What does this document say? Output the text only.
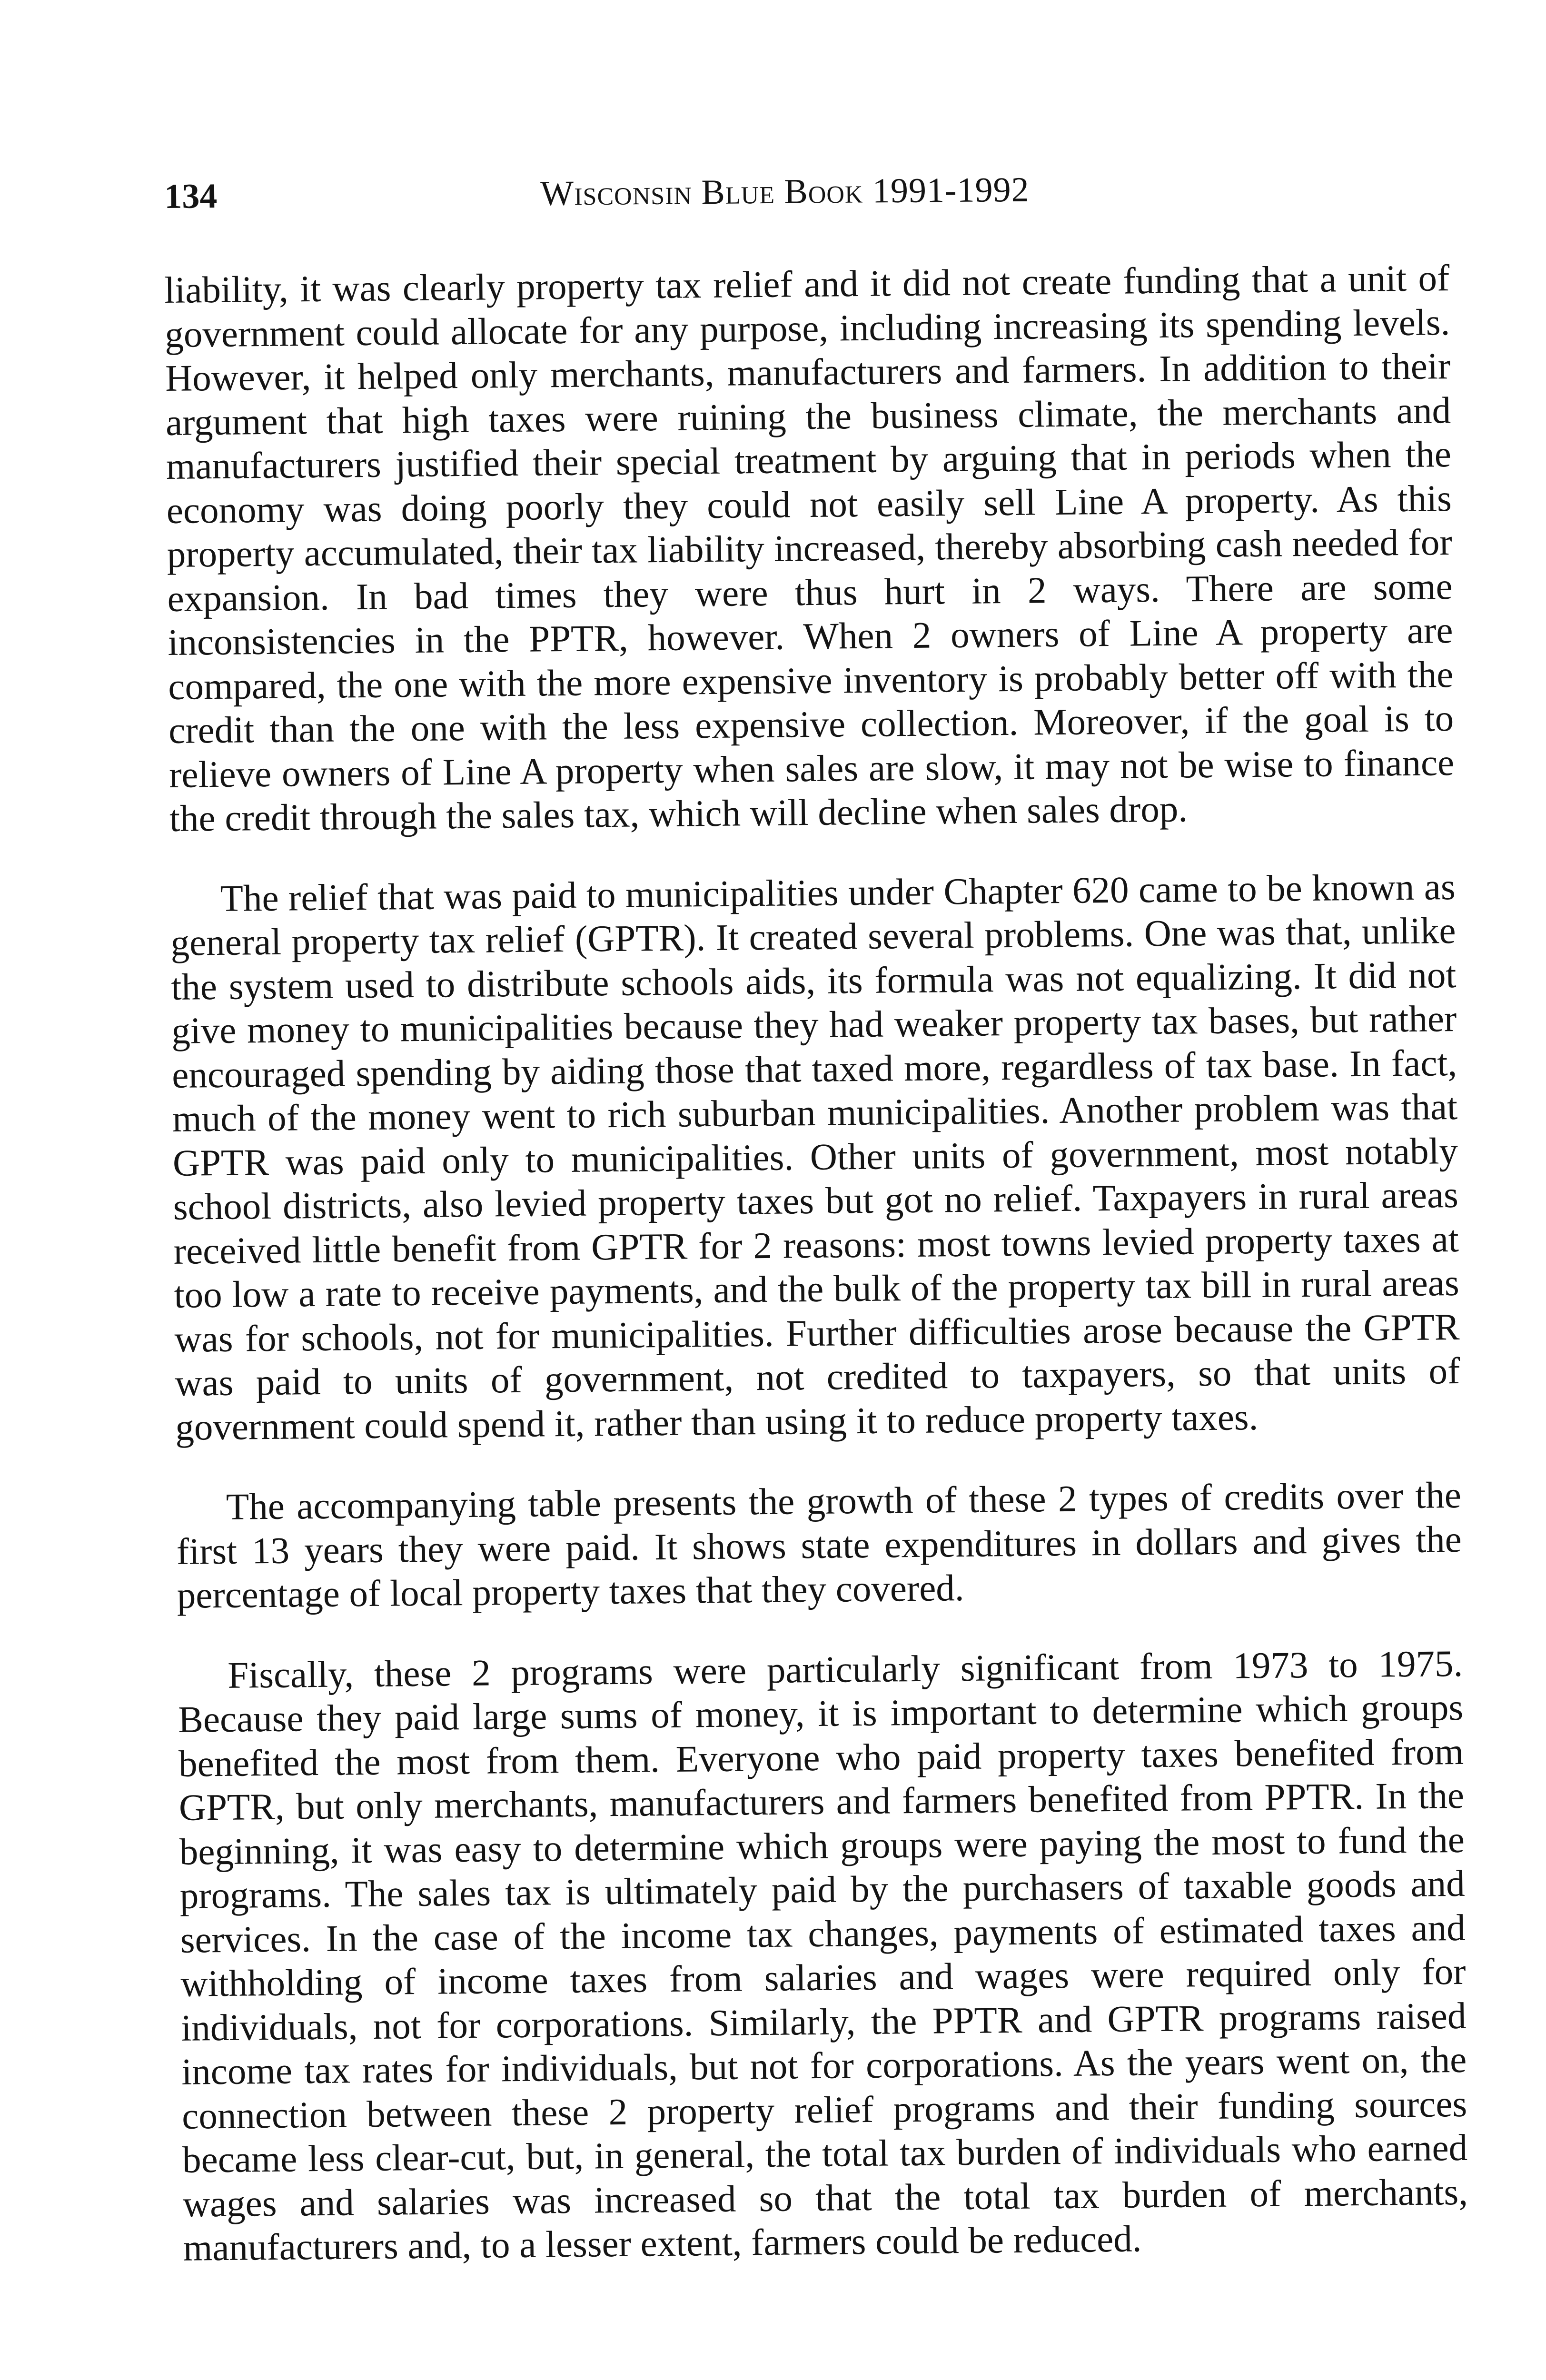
134	Wisconsin Blue Book 1991-1992

liability, it was clearly property tax relief and it did not create funding that a unit of government could allocate for any purpose, including increasing its spending levels. However, it helped only merchants, manufacturers and farmers. In addition to their argument that high taxes were ruining the business climate, the merchants and manufacturers justified their special treatment by arguing that in periods when the economy was doing poorly they could not easily sell Line A property. As this property accumulated, their tax liability increased, thereby absorbing cash needed for expansion. In bad times they were thus hurt in 2 ways. There are some inconsistencies in the PPTR, however. When 2 owners of Line A property are compared, the one with the more expensive inventory is probably better off with the credit than the one with the less expensive collection. Moreover, if the goal is to relieve owners of Line A property when sales are slow, it may not be wise to finance the credit through the sales tax, which will decline when sales drop.

The relief that was paid to municipalities under Chapter 620 came to be known as general property tax relief (GPTR). It created several problems. One was that, unlike the system used to distribute schools aids, its formula was not equalizing. It did not give money to municipalities because they had weaker property tax bases, but rather encouraged spending by aiding those that taxed more, regardless of tax base. In fact, much of the money went to rich suburban municipalities. Another problem was that GPTR was paid only to municipalities. Other units of government, most notably school districts, also levied property taxes but got no relief. Taxpayers in rural areas received little benefit from GPTR for 2 reasons: most towns levied property taxes at too low a rate to receive payments, and the bulk of the property tax bill in rural areas was for schools, not for municipalities. Further difficulties arose because the GPTR was paid to units of government, not credited to taxpayers, so that units of government could spend it, rather than using it to reduce property taxes.

The accompanying table presents the growth of these 2 types of credits over the first 13 years they were paid. It shows state expenditures in dollars and gives the percentage of local property taxes that they covered.

Fiscally, these 2 programs were particularly significant from 1973 to 1975. Because they paid large sums of money, it is important to determine which groups benefited the most from them. Everyone who paid property taxes benefited from GPTR, but only merchants, manufacturers and farmers benefited from PPTR. In the beginning, it was easy to determine which groups were paying the most to fund the programs. The sales tax is ultimately paid by the purchasers of taxable goods and services. In the case of the income tax changes, payments of estimated taxes and withholding of income taxes from salaries and wages were required only for individuals, not for corporations. Similarly, the PPTR and GPTR programs raised income tax rates for individuals, but not for corporations. As the years went on, the connection between these 2 property relief programs and their funding sources became less clear-cut, but, in general, the total tax burden of individuals who earned wages and salaries was increased so that the total tax burden of merchants, manufacturers and, to a lesser extent, farmers could be reduced.
